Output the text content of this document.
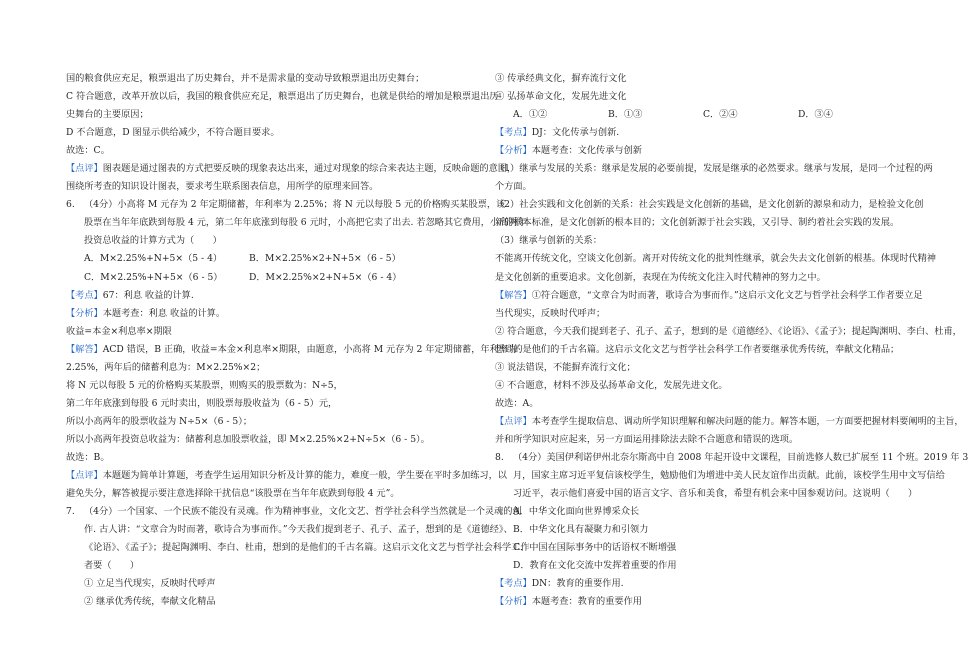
国的粮食供应充足，粮票退出了历史舞台，并不是需求量的变动导致粮票退出历史舞台；
C 符合题意，改革开放以后，我国的粮食供应充足，粮票退出了历史舞台，也就是供给的增加是粮票退出历
史舞台的主要原因；
D 不合题意，D 图显示供给减少，不符合题目要求。
故选：C。
【点评】图表题是通过图表的方式把要反映的现象表达出来，通过对现象的综合来表达主题，反映命题的意图，
围绕所考查的知识设计图表，要求考生联系图表信息，用所学的原理来回答。
6. （4分）小高将 M 元存为 2 年定期储蓄，年利率为 2.25%；将 N 元以每股 5 元的价格购买某股票，该
股票在当年年底跌到每股 4 元，第二年年底涨到每股 6 元时，小高把它卖了出去. 若忽略其它费用，小高两年
投资总收益的计算方式为（　　）
A．M×2.25%+N+5×（5 - 4）	B．M×2.25%×2+N+5×（6 - 5）
C．M×2.25%+N+5×（6 - 5）	D．M×2.25%×2+N+5×（6 - 4）
【考点】67：利息 收益的计算.
【分析】本题考查：利息 收益的计算。
收益=本金×利息率×期限
【解答】ACD 错误，B 正确，收益=本金×利息率×期限，由题意，小高将 M 元存为 2 年定期储蓄，年利率为
2.25%，两年后的储蓄利息为：M×2.25%×2；
将 N 元以每股 5 元的价格购买某股票，则购买的股票数为：N÷5，
第二年年底涨到每股 6 元时卖出，则股票每股收益为（6 - 5）元，
所以小高两年的股票收益为 N÷5×（6 - 5）；
所以小高两年投资总收益为：储蓄利息加股票收益，即 M×2.25%×2+N÷5×（6 - 5）。
故选：B。
【点评】本题题为简单计算题，考查学生运用知识分析及计算的能力，难度一般，学生要在平时多加练习，以
避免失分，解答被提示要注意选择除干扰信息“该股票在当年年底跌到每股 4 元”。
7. （4分）一个国家、一个民族不能没有灵魂。作为精神事业，文化文艺、哲学社会科学当然就是一个灵魂的创
作. 古人讲：“文章合为时而著，歌诗合为事而作。”今天我们提到老子、孔子、孟子，想到的是《道德经》、
《论语》、《孟子》；提起陶渊明、李白、杜甫，想到的是他们的千古名篇。这启示文化文艺与哲学社会科学工作
者要（　　）
① 立足当代现实，反映时代呼声
② 继承优秀传统，奉献文化精品
③ 传承经典文化，摒弃流行文化
④ 弘扬革命文化，发展先进文化
A．①②	B．①③	C．②④	D．③④
【考点】DJ：文化传承与创新.
【分析】本题考查：文化传承与创新
（1）继承与发展的关系：继承是发展的必要前提，发展是继承的必然要求。继承与发展，是同一个过程的两
个方面。
（2）社会实践和文化创新的关系：社会实践是文化创新的基础，是文化创新的源泉和动力，是检验文化创
新的根本标准，是文化创新的根本目的；文化创新源于社会实践，又引导、制约着社会实践的发展。
（3）继承与创新的关系：
不能离开传统文化，空谈文化创新。离开对传统文化的批判性继承，就会失去文化创新的根基。体现时代精神
是文化创新的重要追求。文化创新，表现在为传统文化注入时代精神的努力之中。
【解答】①符合题意，“文章合为时而著，歌诗合为事而作。”这启示文化文艺与哲学社会科学工作者要立足
当代现实，反映时代呼声；
② 符合题意，今天我们提到老子、孔子、孟子，想到的是《道德经》、《论语》、《孟子》；提起陶渊明、李白、杜甫，
想到的是他们的千古名篇。这启示文化文艺与哲学社会科学工作者要继承优秀传统，奉献文化精品；
③ 说法错误，不能摒弃流行文化；
④ 不合题意，材料不涉及弘扬革命文化，发展先进文化。
故选：A。
【点评】本考查学生提取信息、调动所学知识理解和解决问题的能力。解答本题，一方面要把握材料要阐明的主旨，
并和所学知识对应起来，另一方面运用排除法去除不合题意和错误的选项。
8. （4分）美国伊利诺伊州北奈尔斯高中自 2008 年起开设中文课程，目前选修人数已扩展至 11 个班。2019 年 3
月，国家主席习近平复信该校学生，勉励他们为增进中美人民友谊作出贡献。此前，该校学生用中文写信给
习近平，表示他们喜爱中国的语言文字、音乐和美食，希望有机会来中国参观访问。这说明（　　）
A．中华文化面向世界博采众长
B．中华文化具有凝聚力和引领力
C．中国在国际事务中的话语权不断增强
D．教育在文化交流中发挥着重要的作用
【考点】DN：教育的重要作用.
【分析】本题考查：教育的重要作用
